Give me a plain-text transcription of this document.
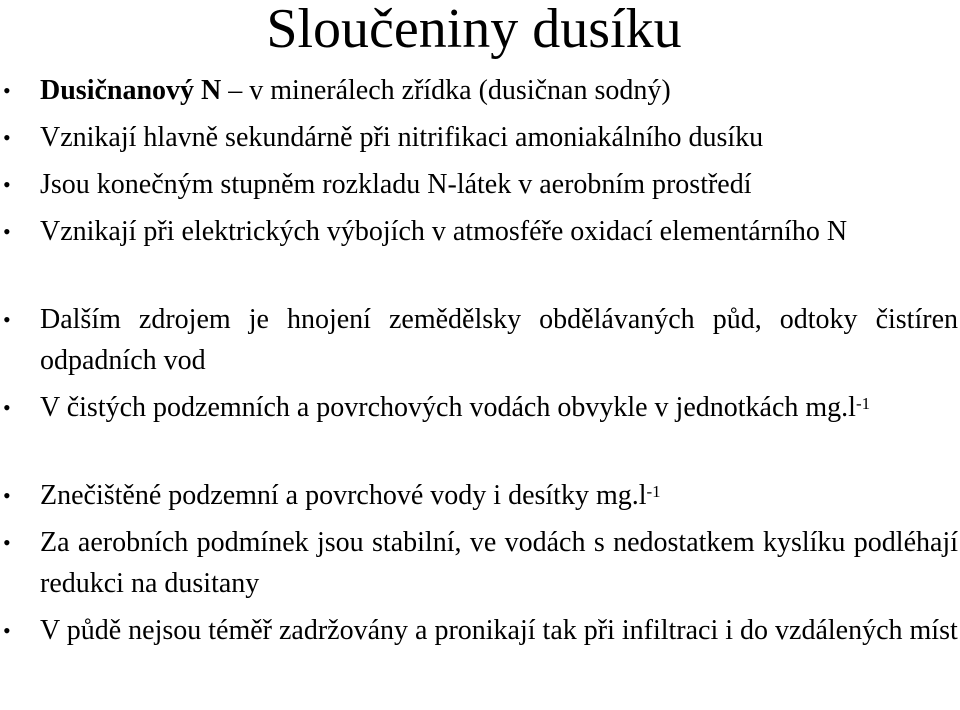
Sloučeniny dusíku
• Dusičnanový N – v minerálech zřídka (dusičnan sodný)
• Vznikají hlavně sekundárně při nitrifikaci amoniakálního dusíku
• Jsou konečným stupněm rozkladu N-látek v aerobním prostředí
• Vznikají při elektrických výbojích v atmosféře oxidací elementárního N
• Dalším zdrojem je hnojení zemědělsky obdělávaných půd, odtoky čistíren odpadních vod
• V čistých podzemních a povrchových vodách obvykle v jednotkách $mg.l^{-1}$
• Znečištěné podzemní a povrchové vody i desítky $mg.l^{-1}$
• Za aerobních podmínek jsou stabilní, ve vodách s nedostatkem kyslíku podléhají redukci na dusitany
• V půdě nejsou téměř zadržovány a pronikají tak při infiltraci i do vzdálených míst
